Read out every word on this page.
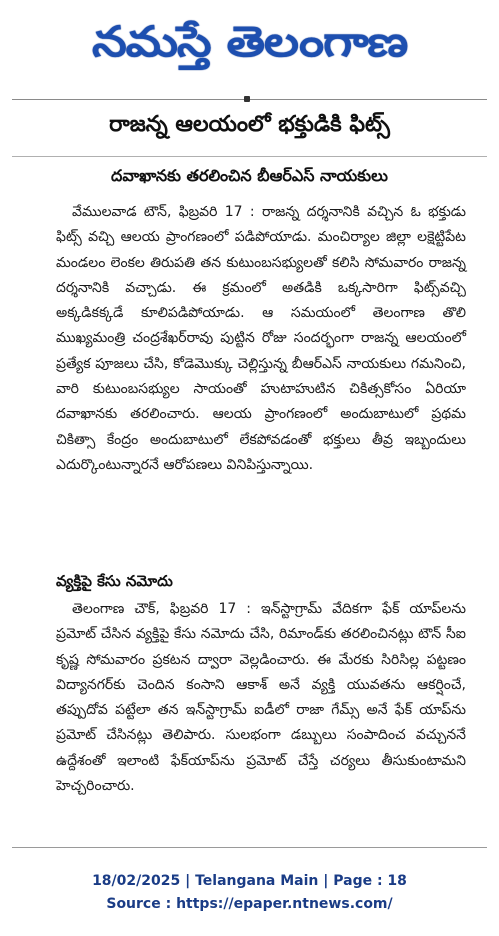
నమస్తే తెలంగాణ
రాజన్న ఆలయంలో భక్తుడికి ఫిట్స్
దవాఖానకు తరలించిన బీఆర్ఎస్ నాయకులు
వేములవాడ టౌన్, ఫిబ్రవరి 17 : రాజన్న దర్శనానికి వచ్చిన ఓ భక్తుడు ఫిట్స్ వచ్చి ఆలయ ప్రాంగణంలో పడిపోయాడు. మంచిర్యాల జిల్లా లక్షెట్టిపేట మండలం లెంకల తిరుపతి తన కుటుంబసభ్యులతో కలిసి సోమవారం రాజన్న దర్శనానికి వచ్చాడు. ఈ క్రమంలో అతడికి ఒక్కసారిగా ఫిట్స్‌వచ్చి అక్కడికక్కడే కూలిపడిపోయాడు. ఆ సమయంలో తెలంగాణ తొలి ముఖ్యమంత్రి చంద్రశేఖర్‌రావు పుట్టిన రోజు సందర్భంగా రాజన్న ఆలయంలో ప్రత్యేక పూజలు చేసి, కోడెమొక్కు చెల్లిస్తున్న బీఆర్ఎస్ నాయకులు గమనించి, వారి కుటుంబసభ్యుల సాయంతో హుటాహుటిన చికిత్సకోసం ఏరియా దవాఖానకు తరలించారు. ఆలయ ప్రాంగణంలో అందుబాటులో ప్రథమ చికిత్సా కేంద్రం అందుబాటులో లేకపోవడంతో భక్తులు తీవ్ర ఇబ్బందులు ఎదుర్కొంటున్నారనే ఆరోపణలు వినిపిస్తున్నాయి.
వ్యక్తిపై కేసు నమోదు
తెలంగాణ చౌక్, ఫిబ్రవరి 17 : ఇన్‌స్టాగ్రామ్ వేదికగా ఫేక్ యాప్‌లను ప్రమోట్ చేసిన వ్యక్తిపై కేసు నమోదు చేసి, రిమాండ్‌కు తరలించినట్లు టౌన్ సీఐ కృష్ణ సోమవారం ప్రకటన ద్వారా వెల్లడించారు. ఈ మేరకు సిరిసిల్ల పట్టణం విద్యానగర్‌కు చెందిన కంసాని ఆకాశ్ అనే వ్యక్తి యువతను ఆకర్షించే, తప్పుదోవ పట్టేలా తన ఇన్‌స్టాగ్రామ్ ఐడీలో రాజా గేమ్స్ అనే ఫేక్ యాప్‌ను ప్రమోట్ చేసినట్లు తెలిపారు. సులభంగా డబ్బులు సంపాదించ వచ్చుననే ఉద్దేశంతో ఇలాంటి ఫేక్‌యాప్‌ను ప్రమోట్ చేస్తే చర్యలు తీసుకుంటామని హెచ్చరించారు.
18/02/2025 | Telangana Main | Page : 18
Source : https://epaper.ntnews.com/
